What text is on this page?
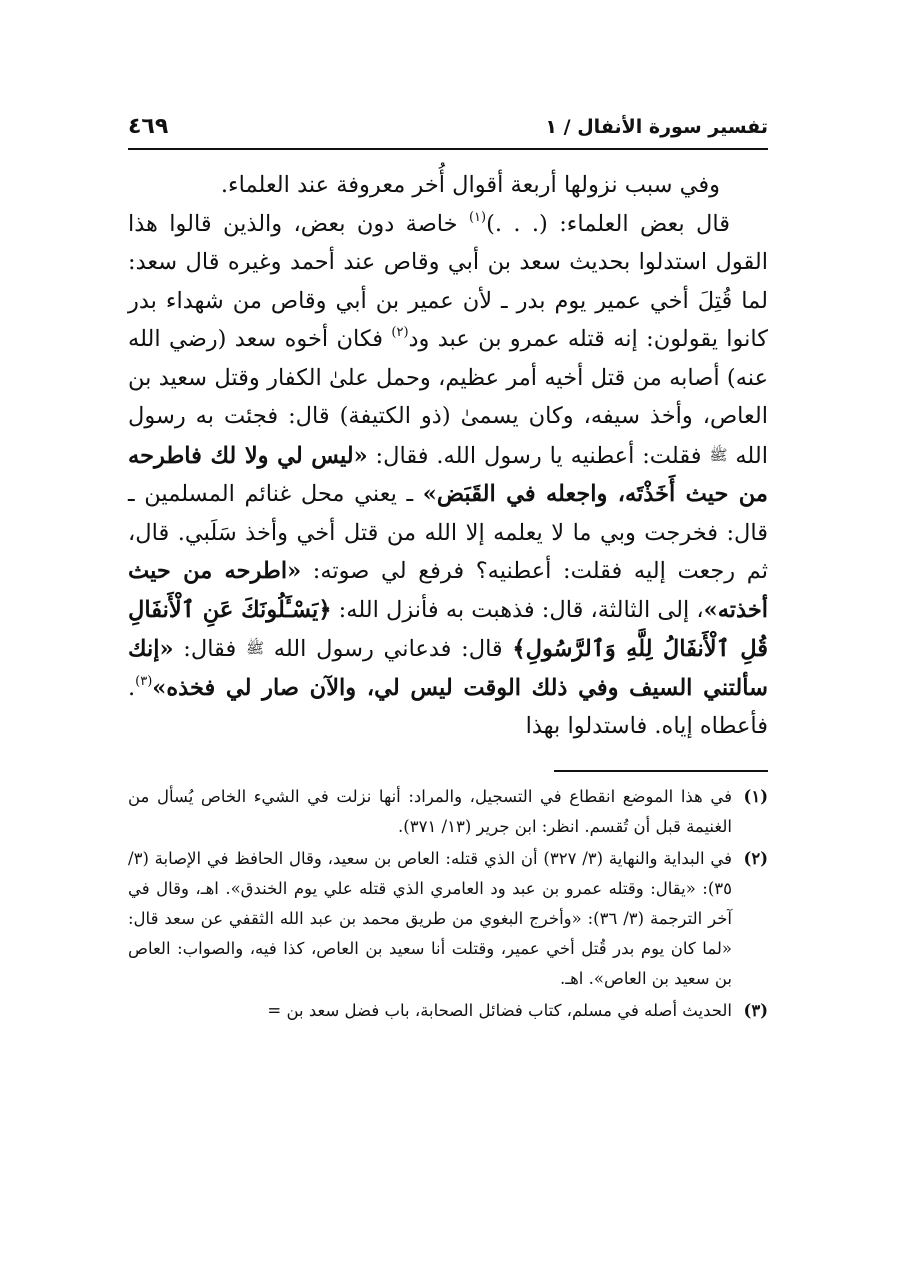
تفسير سورة الأنفال / ١
٤٦٩

وفي سبب نزولها أربعة أقوال أُخر معروفة عند العلماء.

قال بعض العلماء: (. . .)$^{(١)}$ خاصة دون بعض، والذين قالوا هذا القول استدلوا بحديث سعد بن أبي وقاص عند أحمد وغيره قال سعد: لما قُتِلَ أخي عمير يوم بدر ـ لأن عمير بن أبي وقاص من شهداء بدر كانوا يقولون: إنه قتله عمرو بن عبد ود$^{(٢)}$ فكان أخوه سعد (رضي الله عنه) أصابه من قتل أخيه أمر عظيم، وحمل علىٰ الكفار وقتل سعيد بن العاص، وأخذ سيفه، وكان يسمىٰ (ذو الكتيفة) قال: فجئت به رسول الله ﷺ فقلت: أعطنيه يا رسول الله. فقال: «ليس لي ولا لك فاطرحه من حيث أَخَذْتَه، واجعله في القَبَض» ـ يعني محل غنائم المسلمين ـ قال: فخرجت وبي ما لا يعلمه إلا الله من قتل أخي وأخذ سَلَبي. قال، ثم رجعت إليه فقلت: أعطنيه؟ فرفع لي صوته: «اطرحه من حيث أخذته»، إلى الثالثة، قال: فذهبت به فأنزل الله: ﴿يَسْـَٔلُونَكَ عَنِ ٱلْأَنفَالِ قُلِ ٱلْأَنفَالُ لِلَّهِ وَٱلرَّسُولِ﴾ قال: فدعاني رسول الله ﷺ فقال: «إنك سألتني السيف وفي ذلك الوقت ليس لي، والآن صار لي فخذه»$^{(٣)}$. فأعطاه إياه. فاستدلوا بهذا

(١)
في هذا الموضع انقطاع في التسجيل، والمراد: أنها نزلت في الشيء الخاص يُسأل من الغنيمة قبل أن تُقسم. انظر: ابن جرير (١٣/ ٣٧١).
(٢)
في البداية والنهاية (٣/ ٣٢٧) أن الذي قتله: العاص بن سعيد، وقال الحافظ في الإصابة (٣/ ٣٥): «يقال: وقتله عمرو بن عبد ود العامري الذي قتله علي يوم الخندق». اهـ، وقال في آخر الترجمة (٣/ ٣٦): «وأخرج البغوي من طريق محمد بن عبد الله الثقفي عن سعد قال: «لما كان يوم بدر قُتل أخي عمير، وقتلت أنا سعيد بن العاص، كذا فيه، والصواب: العاص بن سعيد بن العاص». اهـ.
(٣)
الحديث أصله في مسلم، كتاب فضائل الصحابة، باب فضل سعد بن =
